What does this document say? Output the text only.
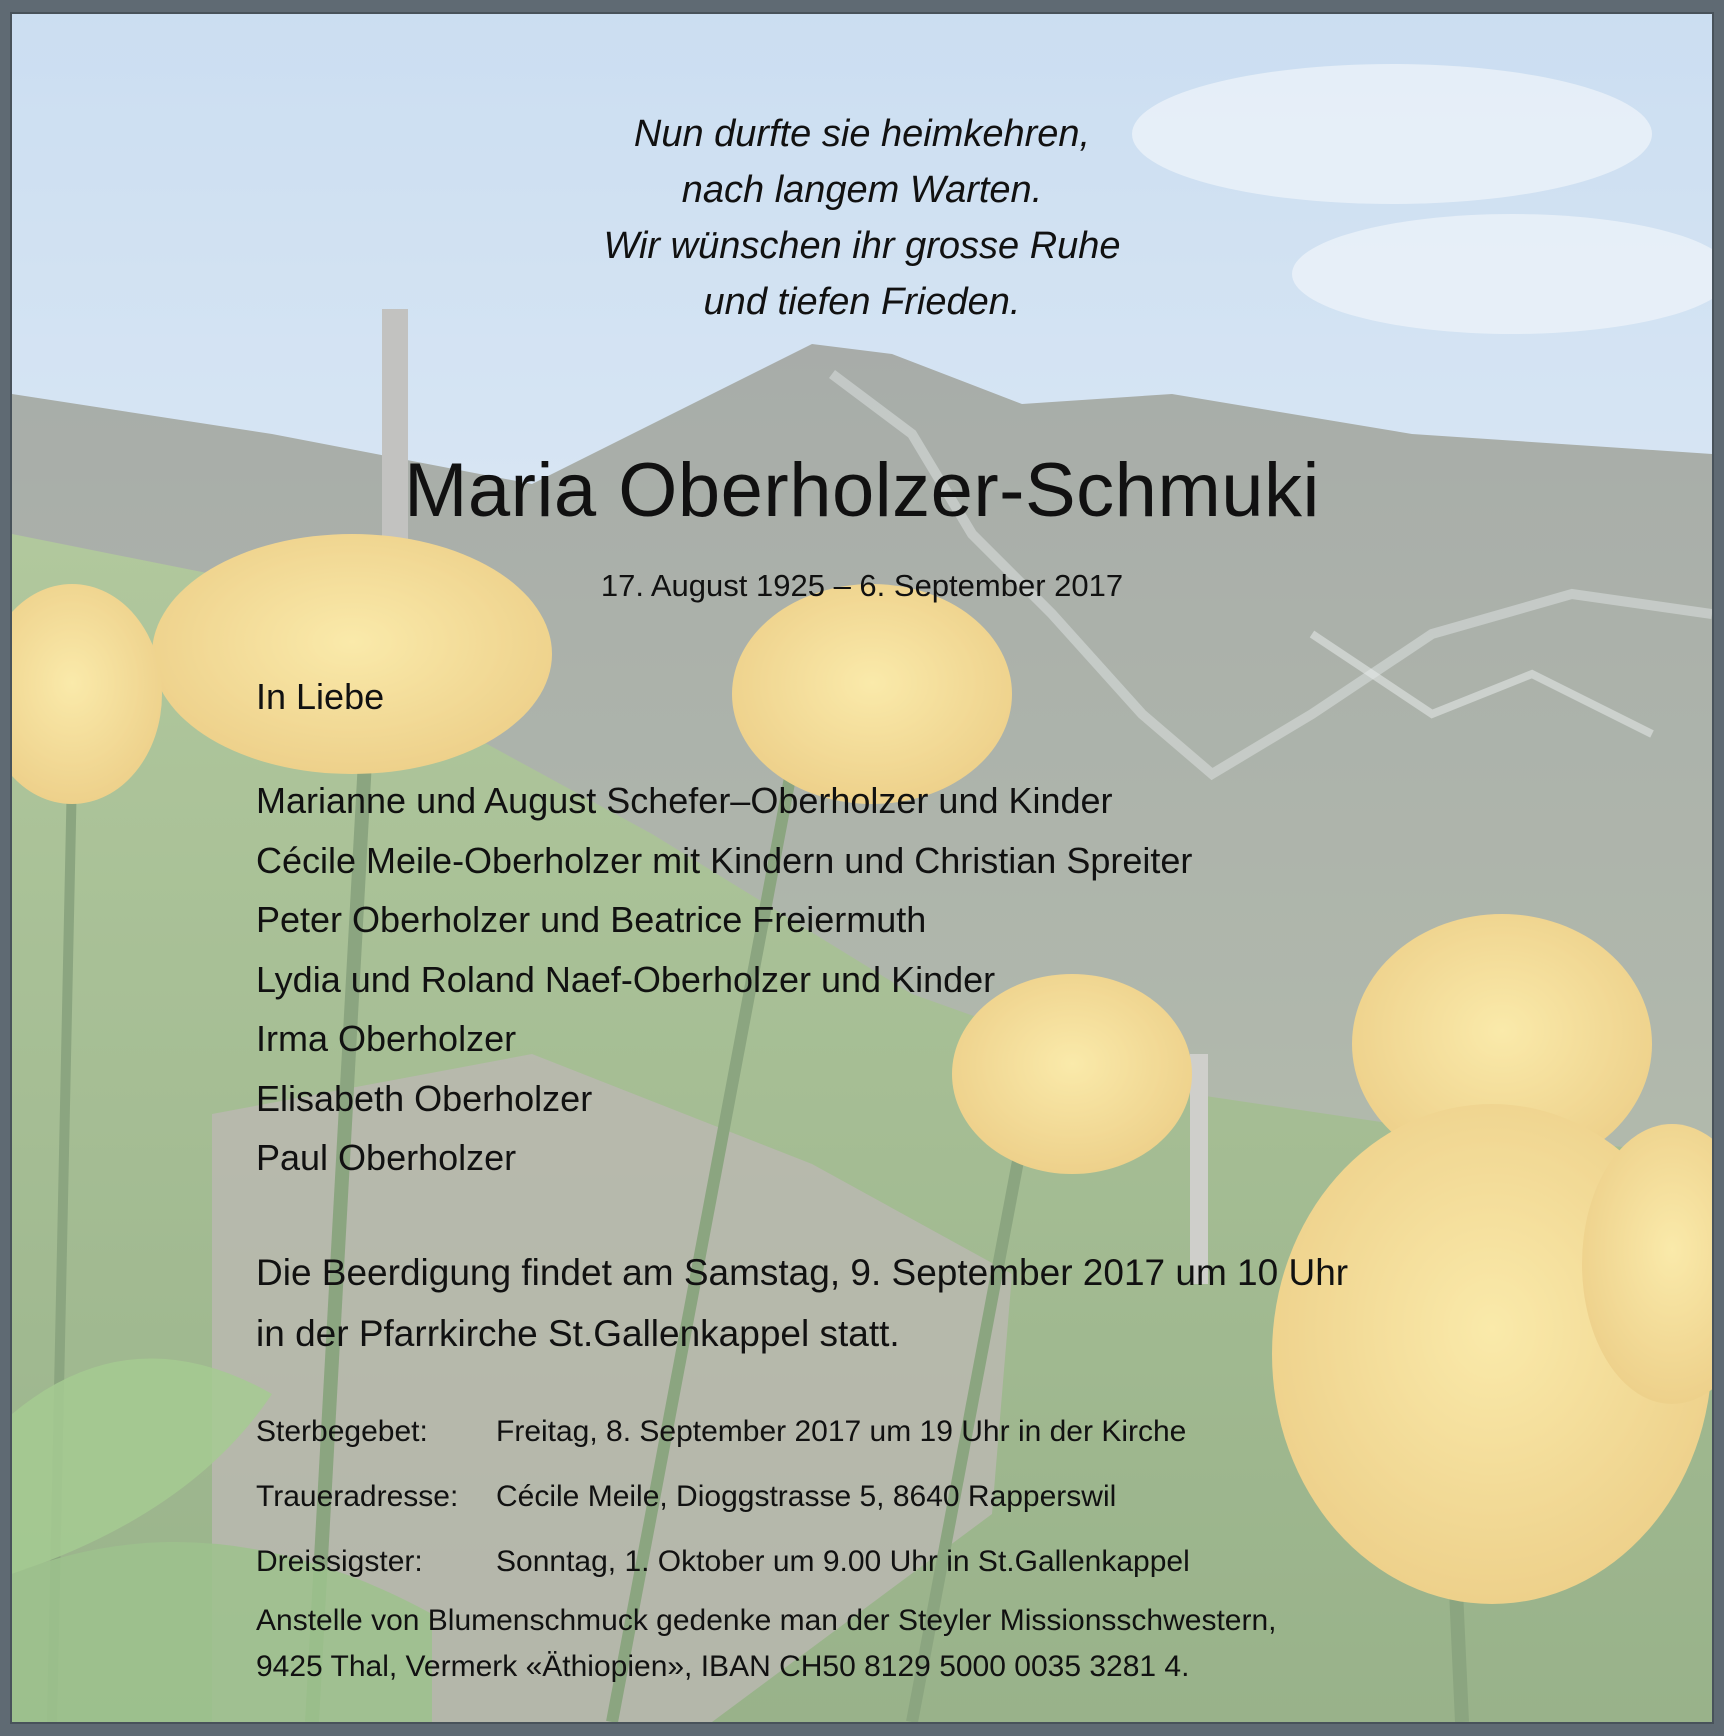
Nun durfte sie heimkehren,
nach langem Warten.
Wir wünschen ihr grosse Ruhe
und tiefen Frieden.
Maria Oberholzer-Schmuki
17. August 1925 – 6. September 2017
In Liebe
Marianne und August Schefer–Oberholzer und Kinder
Cécile Meile-Oberholzer mit Kindern und Christian Spreiter
Peter Oberholzer und Beatrice Freiermuth
Lydia und Roland Naef-Oberholzer und Kinder
Irma Oberholzer
Elisabeth Oberholzer
Paul Oberholzer
Die Beerdigung findet am Samstag, 9. September 2017 um 10 Uhr
in der Pfarrkirche St.Gallenkappel statt.
Sterbegebet:	Freitag, 8. September 2017 um 19 Uhr in der Kirche
Traueradresse:	Cécile Meile, Dioggstrasse 5, 8640 Rapperswil
Dreissigster:	Sonntag, 1. Oktober um 9.00 Uhr in St.Gallenkappel
Anstelle von Blumenschmuck gedenke man der Steyler Missionsschwestern,
9425 Thal, Vermerk «Äthiopien», IBAN CH50 8129 5000 0035 3281 4.
